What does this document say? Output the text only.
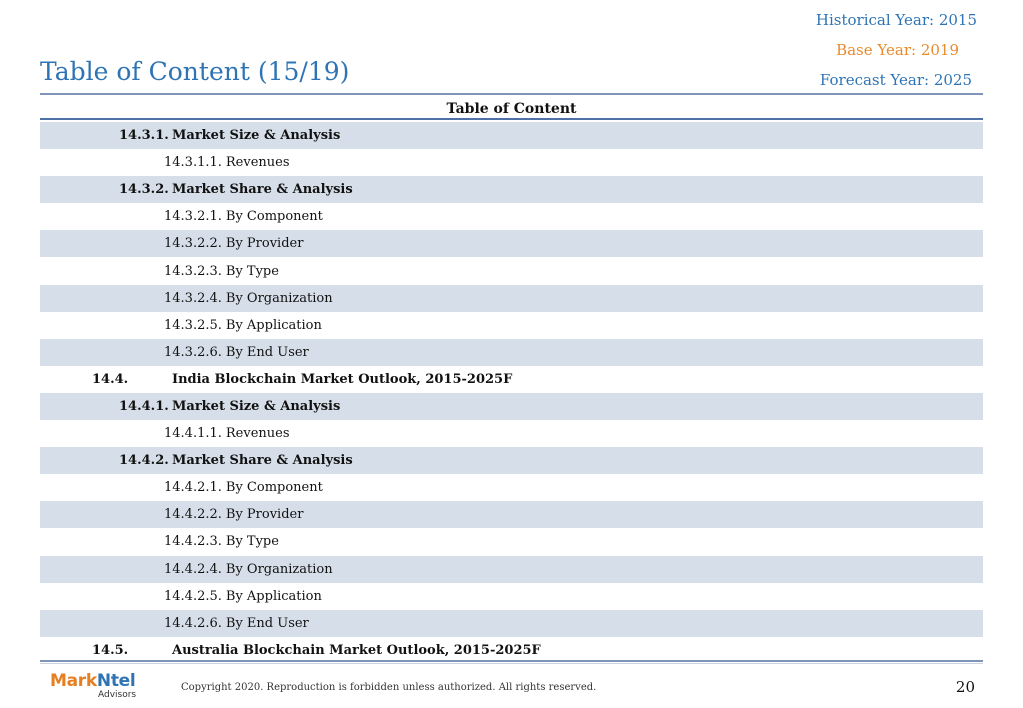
Historical Year: 2015
Base Year: 2019
Forecast Year: 2025
Table of Content (15/19)
Table of Content
14.3.1. Market Size & Analysis
14.3.1.1. Revenues
14.3.2. Market Share & Analysis
14.3.2.1. By Component
14.3.2.2. By Provider
14.3.2.3. By Type
14.3.2.4. By Organization
14.3.2.5. By Application
14.3.2.6. By End User
14.4.	India Blockchain Market Outlook, 2015-2025F
14.4.1. Market Size & Analysis
14.4.1.1. Revenues
14.4.2. Market Share & Analysis
14.4.2.1. By Component
14.4.2.2. By Provider
14.4.2.3. By Type
14.4.2.4. By Organization
14.4.2.5. By Application
14.4.2.6. By End User
14.5.	Australia Blockchain Market Outlook, 2015-2025F
MarkNtel
Advisors
Copyright 2020. Reproduction is forbidden unless authorized. All rights reserved.	20
